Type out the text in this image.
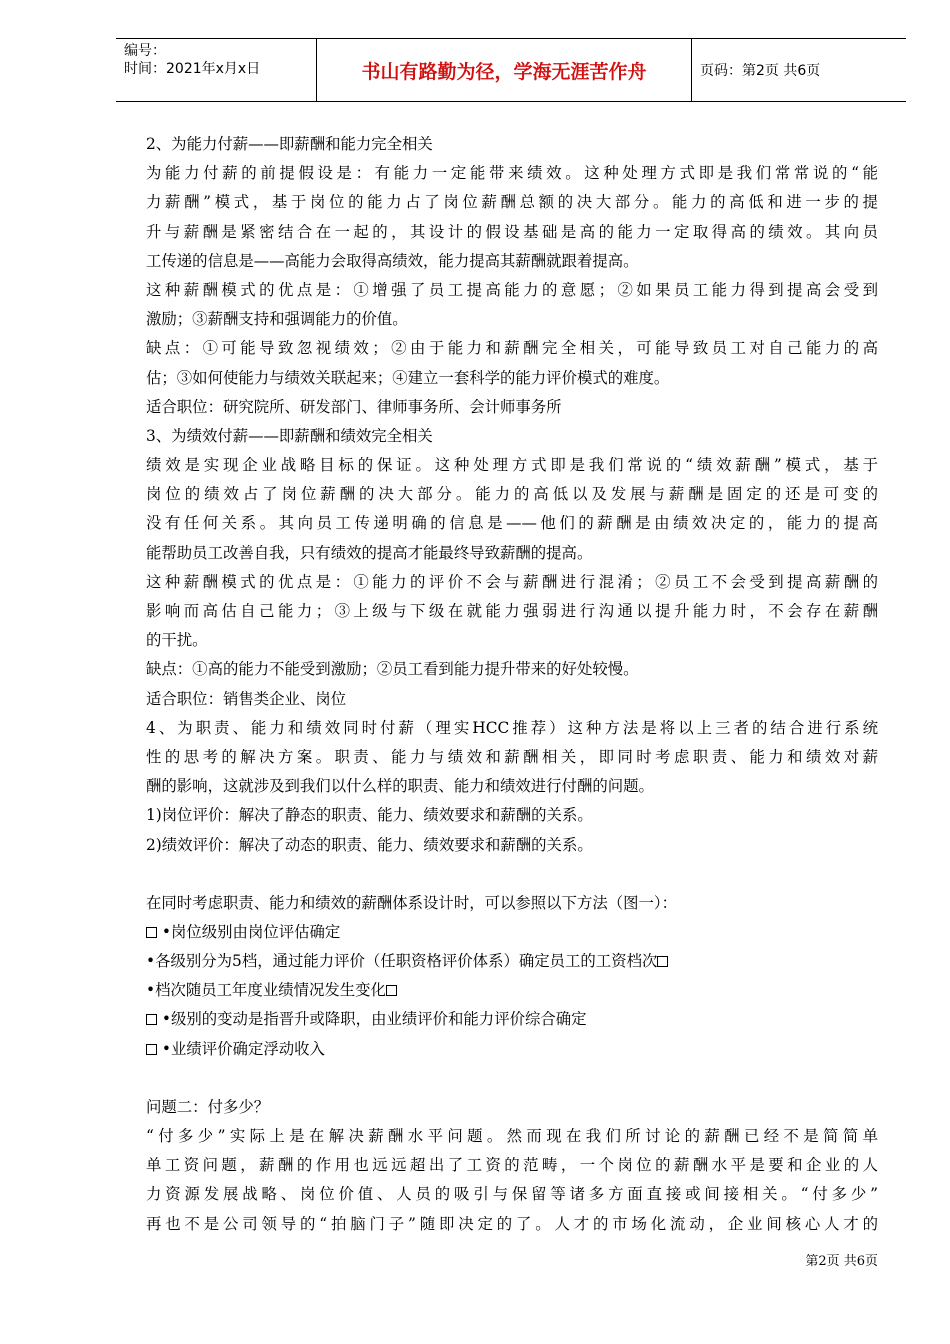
编号：
时间：2021年x月x日	书山有路勤为径，学海无涯苦作舟	页码：第2页 共6页
2、为能力付薪——即薪酬和能力完全相关
为能力付薪的前提假设是：有能力一定能带来绩效。这种处理方式即是我们常常说的“能
力薪酬”模式，基于岗位的能力占了岗位薪酬总额的决大部分。能力的高低和进一步的提
升与薪酬是紧密结合在一起的，其设计的假设基础是高的能力一定取得高的绩效。其向员
工传递的信息是——高能力会取得高绩效，能力提高其薪酬就跟着提高。
这种薪酬模式的优点是：①增强了员工提高能力的意愿；②如果员工能力得到提高会受到
激励；③薪酬支持和强调能力的价值。
缺点：①可能导致忽视绩效；②由于能力和薪酬完全相关，可能导致员工对自己能力的高
估；③如何使能力与绩效关联起来；④建立一套科学的能力评价模式的难度。
适合职位：研究院所、研发部门、律师事务所、会计师事务所
3、为绩效付薪——即薪酬和绩效完全相关
绩效是实现企业战略目标的保证。这种处理方式即是我们常说的“绩效薪酬”模式，基于
岗位的绩效占了岗位薪酬的决大部分。能力的高低以及发展与薪酬是固定的还是可变的
没有任何关系。其向员工传递明确的信息是——他们的薪酬是由绩效决定的，能力的提高
能帮助员工改善自我，只有绩效的提高才能最终导致薪酬的提高。
这种薪酬模式的优点是：①能力的评价不会与薪酬进行混淆；②员工不会受到提高薪酬的
影响而高估自己能力；③上级与下级在就能力强弱进行沟通以提升能力时，不会存在薪酬
的干扰。
缺点：①高的能力不能受到激励；②员工看到能力提升带来的好处较慢。
适合职位：销售类企业、岗位
4、为职责、能力和绩效同时付薪（理实HCC推荐）这种方法是将以上三者的结合进行系统
性的思考的解决方案。职责、能力与绩效和薪酬相关，即同时考虑职责、能力和绩效对薪
酬的影响，这就涉及到我们以什么样的职责、能力和绩效进行付酬的问题。
1)岗位评价：解决了静态的职责、能力、绩效要求和薪酬的关系。
2)绩效评价：解决了动态的职责、能力、绩效要求和薪酬的关系。
在同时考虑职责、能力和绩效的薪酬体系设计时，可以参照以下方法（图一）：
•岗位级别由岗位评估确定
•各级别分为5档，通过能力评价（任职资格评价体系）确定员工的工资档次
•档次随员工年度业绩情况发生变化
•级别的变动是指晋升或降职，由业绩评价和能力评价综合确定
•业绩评价确定浮动收入
问题二：付多少？
“付多少”实际上是在解决薪酬水平问题。然而现在我们所讨论的薪酬已经不是简简单
单工资问题，薪酬的作用也远远超出了工资的范畴，一个岗位的薪酬水平是要和企业的人
力资源发展战略、岗位价值、人员的吸引与保留等诸多方面直接或间接相关。“付多少”
再也不是公司领导的“拍脑门子”随即决定的了。人才的市场化流动，企业间核心人才的
第2页 共6页
